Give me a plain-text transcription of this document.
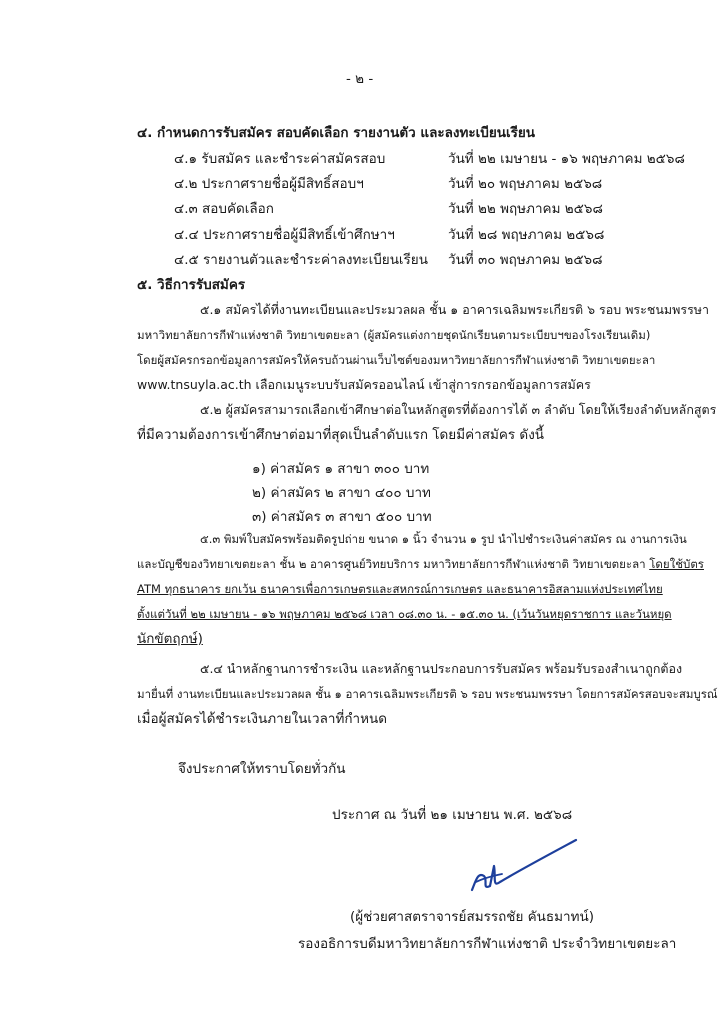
- ๒ -
๔. กำหนดการรับสมัคร สอบคัดเลือก รายงานตัว และลงทะเบียนเรียน
๔.๑ รับสมัคร และชำระค่าสมัครสอบ	วันที่ ๒๒ เมษายน - ๑๖ พฤษภาคม ๒๕๖๘
๔.๒ ประกาศรายชื่อผู้มีสิทธิ์สอบฯ	วันที่ ๒๐ พฤษภาคม ๒๕๖๘
๔.๓ สอบคัดเลือก	วันที่ ๒๒ พฤษภาคม ๒๕๖๘
๔.๔ ประกาศรายชื่อผู้มีสิทธิ์เข้าศึกษาฯ	วันที่ ๒๘ พฤษภาคม ๒๕๖๘
๔.๕ รายงานตัวและชำระค่าลงทะเบียนเรียน วันที่ ๓๐ พฤษภาคม ๒๕๖๘
๕. วิธีการรับสมัคร
๕.๑ สมัครได้ที่งานทะเบียนและประมวลผล ชั้น ๑ อาคารเฉลิมพระเกียรติ ๖ รอบ พระชนมพรรษา
มหาวิทยาลัยการกีฬาแห่งชาติ วิทยาเขตยะลา (ผู้สมัครแต่งกายชุดนักเรียนตามระเบียบฯของโรงเรียนเดิม)
โดยผู้สมัครกรอกข้อมูลการสมัครให้ครบถ้วนผ่านเว็บไซต์ของมหาวิทยาลัยการกีฬาแห่งชาติ วิทยาเขตยะลา
www.tnsuyla.ac.th เลือกเมนูระบบรับสมัครออนไลน์ เข้าสู่การกรอกข้อมูลการสมัคร
๕.๒ ผู้สมัครสามารถเลือกเข้าศึกษาต่อในหลักสูตรที่ต้องการได้ ๓ ลำดับ โดยให้เรียงลำดับหลักสูตร
ที่มีความต้องการเข้าศึกษาต่อมาที่สุดเป็นลำดับแรก โดยมีค่าสมัคร ดังนี้
๑) ค่าสมัคร ๑ สาขา ๓๐๐ บาท
๒) ค่าสมัคร ๒ สาขา ๔๐๐ บาท
๓) ค่าสมัคร ๓ สาขา ๕๐๐ บาท
๕.๓ พิมพ์ใบสมัครพร้อมติดรูปถ่าย ขนาด ๑ นิ้ว จำนวน ๑ รูป นำไปชำระเงินค่าสมัคร ณ งานการเงิน
และบัญชีของวิทยาเขตยะลา ชั้น ๒ อาคารศูนย์วิทยบริการ มหาวิทยาลัยการกีฬาแห่งชาติ วิทยาเขตยะลา โดยใช้บัตร
ATM ทุกธนาคาร ยกเว้น ธนาคารเพื่อการเกษตรและสหกรณ์การเกษตร และธนาคารอิสลามแห่งประเทศไทย
ตั้งแต่วันที่ ๒๒ เมษายน - ๑๖ พฤษภาคม ๒๕๖๘ เวลา ๐๘.๓๐ น. - ๑๕.๓๐ น. (เว้นวันหยุดราชการ และวันหยุด
นักขัตฤกษ์)
๕.๔ นำหลักฐานการชำระเงิน และหลักฐานประกอบการรับสมัคร พร้อมรับรองสำเนาถูกต้อง
มายื่นที่ งานทะเบียนและประมวลผล ชั้น ๑ อาคารเฉลิมพระเกียรติ ๖ รอบ พระชนมพรรษา โดยการสมัครสอบจะสมบูรณ์
เมื่อผู้สมัครได้ชำระเงินภายในเวลาที่กำหนด
จึงประกาศให้ทราบโดยทั่วกัน
ประกาศ ณ วันที่ ๒๑ เมษายน พ.ศ. ๒๕๖๘
(ผู้ช่วยศาสตราจารย์สมรรถชัย คันธมาทน์)
รองอธิการบดีมหาวิทยาลัยการกีฬาแห่งชาติ ประจำวิทยาเขตยะลา
